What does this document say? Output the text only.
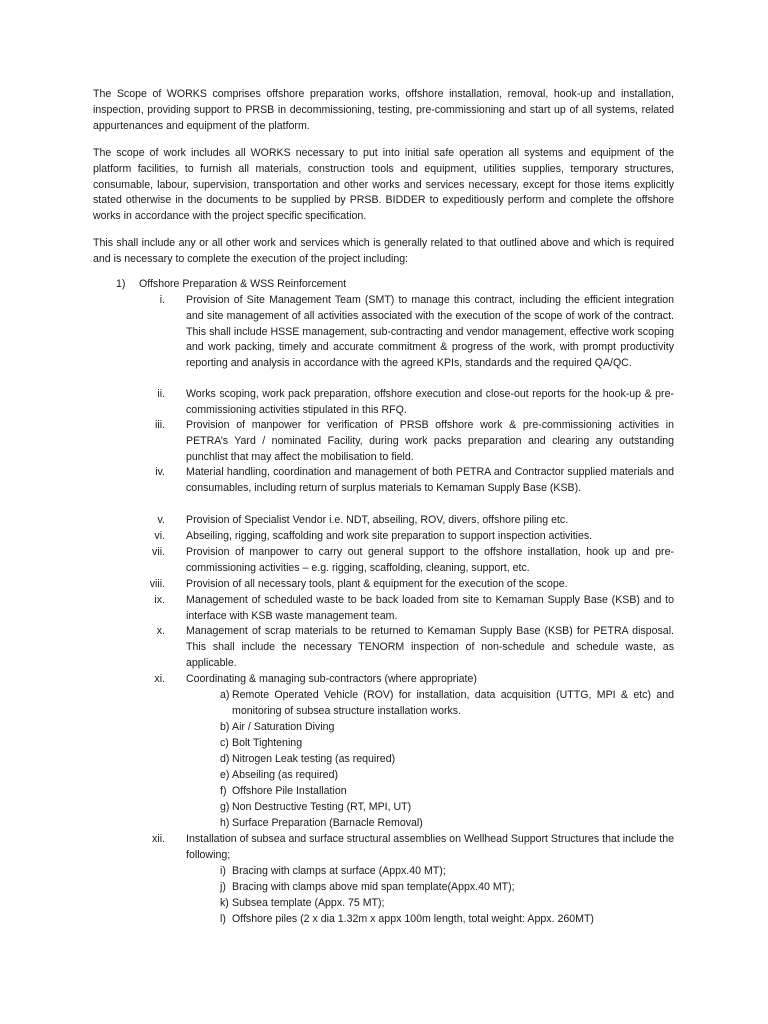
The Scope of WORKS comprises offshore preparation works, offshore installation, removal, hook-up and installation, inspection, providing support to PRSB in decommissioning, testing, pre-commissioning and start up of all systems, related appurtenances and equipment of the platform.

The scope of work includes all WORKS necessary to put into initial safe operation all systems and equipment of the platform facilities, to furnish all materials, construction tools and equipment, utilities supplies, temporary structures, consumable, labour, supervision, transportation and other works and services necessary, except for those items explicitly stated otherwise in the documents to be supplied by PRSB. BIDDER to expeditiously perform and complete the offshore works in accordance with the project specific specification.

This shall include any or all other work and services which is generally related to that outlined above and which is required and is necessary to complete the execution of the project including:

1)	Offshore Preparation & WSS Reinforcement
i. Provision of Site Management Team (SMT) to manage this contract, including the efficient integration and site management of all activities associated with the execution of the scope of work of the contract. This shall include HSSE management, sub-contracting and vendor management, effective work scoping and work packing, timely and accurate commitment & progress of the work, with prompt productivity reporting and analysis in accordance with the agreed KPIs, standards and the required QA/QC.

ii. Works scoping, work pack preparation, offshore execution and close-out reports for the hook-up & pre-commissioning activities stipulated in this RFQ.

iii. Provision of manpower for verification of PRSB offshore work & pre-commissioning activities in PETRA’s Yard / nominated Facility, during work packs preparation and clearing any outstanding punchlist that may affect the mobilisation to field.

iv. Material handling, coordination and management of both PETRA and Contractor supplied materials and consumables, including return of surplus materials to Kemaman Supply Base (KSB).

v. Provision of Specialist Vendor i.e. NDT, abseiling, ROV, divers, offshore piling etc.

vi. Abseiling, rigging, scaffolding and work site preparation to support inspection activities.

vii. Provision of manpower to carry out general support to the offshore installation, hook up and pre-commissioning activities – e.g. rigging, scaffolding, cleaning, support, etc.

viii. Provision of all necessary tools, plant & equipment for the execution of the scope.

ix. Management of scheduled waste to be back loaded from site to Kemaman Supply Base (KSB) and to interface with KSB waste management team.

x. Management of scrap materials to be returned to Kemaman Supply Base (KSB) for PETRA disposal. This shall include the necessary TENORM inspection of non-schedule and schedule waste, as applicable.

xi. Coordinating & managing sub-contractors (where appropriate)

xii. Installation of subsea and surface structural assemblies on Wellhead Support Structures that include the following;

a) Remote Operated Vehicle (ROV) for installation, data acquisition (UTTG, MPI & etc) and monitoring of subsea structure installation works.

b) Air / Saturation Diving

c) Bolt Tightening

d) Nitrogen Leak testing (as required)

e) Abseiling (as required)

f) Offshore Pile Installation

g) Non Destructive Testing (RT, MPI, UT)

h) Surface Preparation (Barnacle Removal)

i) Bracing with clamps at surface (Appx.40 MT);

j) Bracing with clamps above mid span template(Appx.40 MT);

k) Subsea template (Appx. 75 MT);

l) Offshore piles (2 x dia 1.32m x appx 100m length, total weight: Appx. 260MT)
